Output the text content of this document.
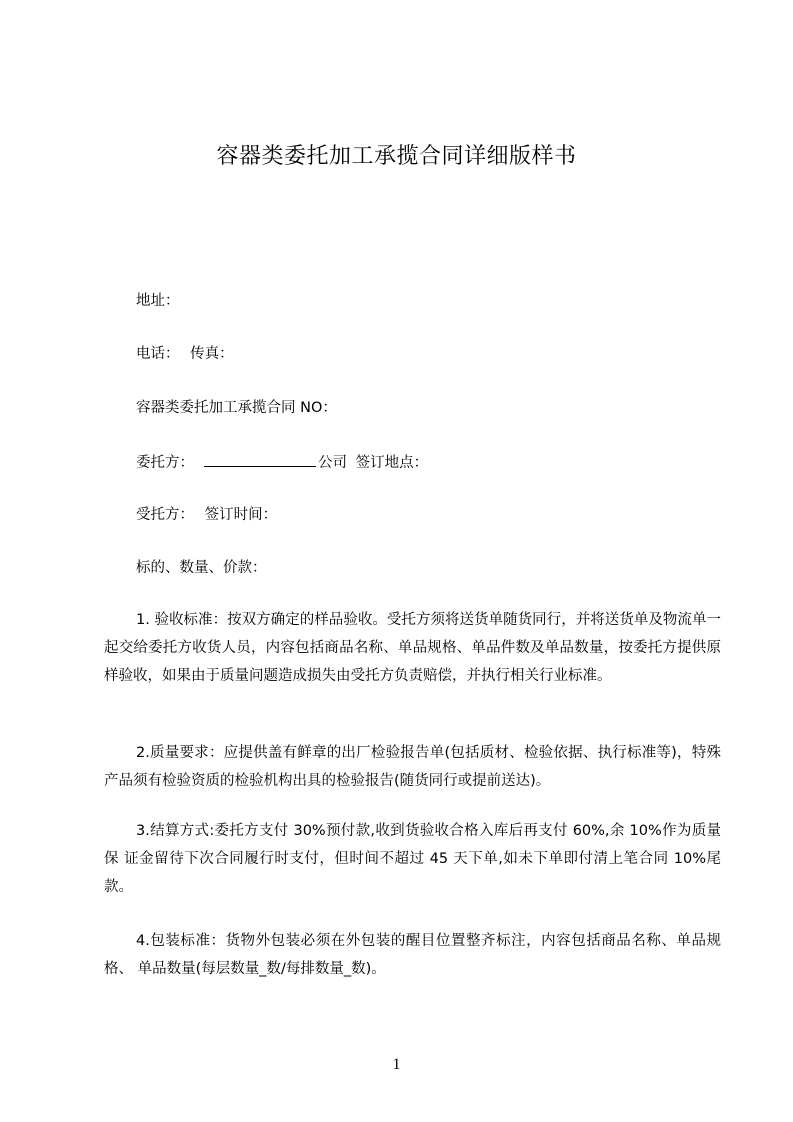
容器类委托加工承揽合同详细版样书
地址：
电话： 传真：
容器类委托加工承揽合同 NO：
委托方：	公司 签订地点：
受托方： 签订时间：
标的、数量、价款：
1. 验收标准：按双方确定的样品验收。受托方须将送货单随货同行，并将送货单及物流单一起交给委托方收货人员，内容包括商品名称、单品规格、单品件数及单品数量，按委托方提供原样验收，如果由于质量问题造成损失由受托方负责赔偿，并执行相关行业标准。
2.质量要求：应提供盖有鲜章的出厂检验报告单(包括质材、检验依据、执行标准等)，特殊产品须有检验资质的检验机构出具的检验报告(随货同行或提前送达)。
3.结算方式:委托方支付 30%预付款,收到货验收合格入库后再支付 60%,余 10%作为质量保 证金留待下次合同履行时支付，但时间不超过 45 天下单,如未下单即付清上笔合同 10%尾款。
4.包装标准：货物外包装必须在外包装的醒目位置整齐标注，内容包括商品名称、单品规格、 单品数量(每层数量_数/每排数量_数)。
1
